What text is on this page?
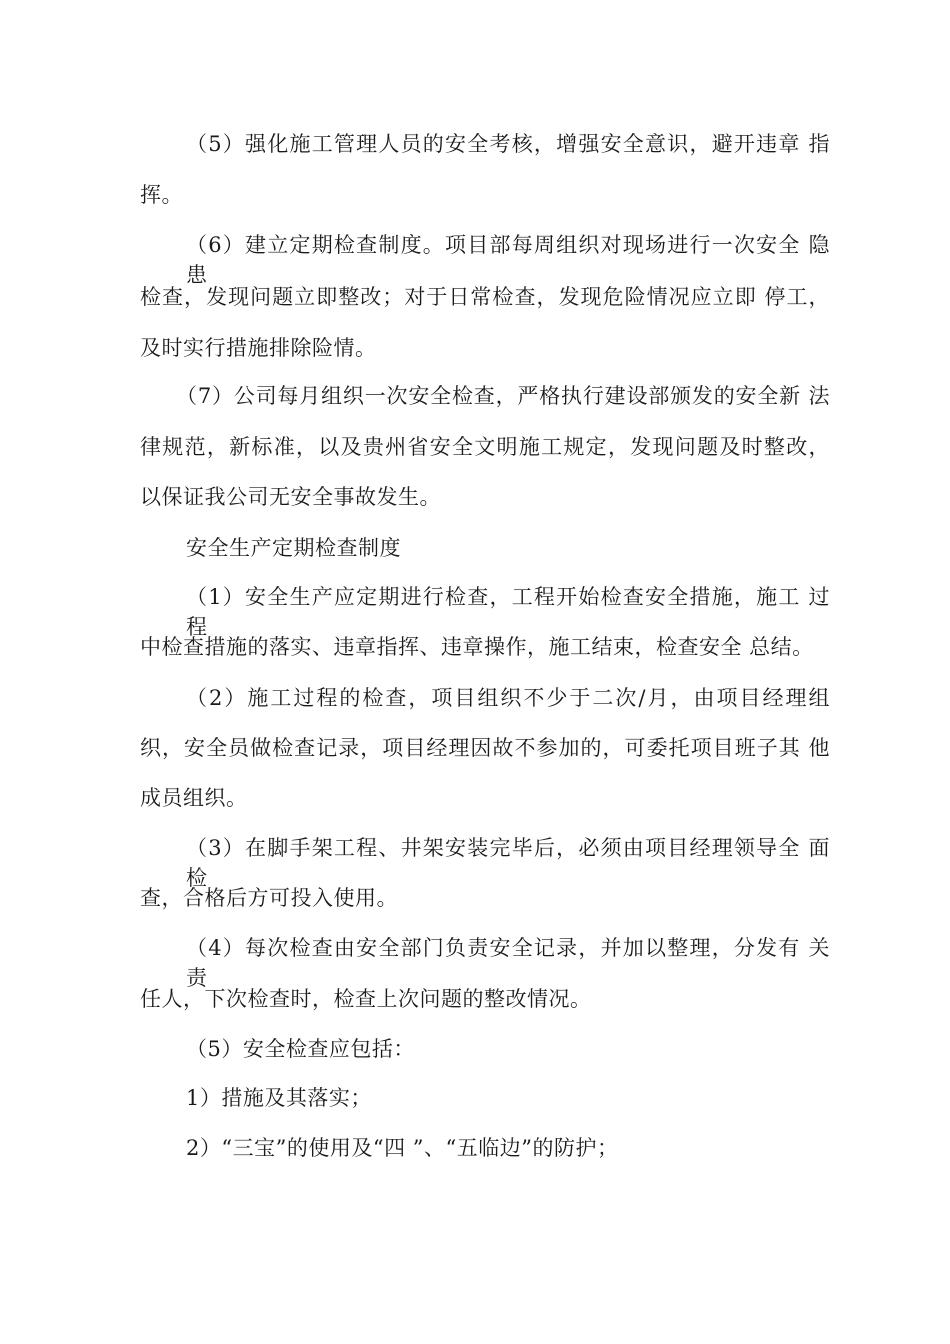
（5）强化施工管理人员的安全考核，增强安全意识，避开违章 指
挥。
（6）建立定期检查制度。项目部每周组织对现场进行一次安全 隐患
检查，发现问题立即整改；对于日常检查，发现危险情况应立即 停工，
及时实行措施排除险情。
（7）公司每月组织一次安全检查，严格执行建设部颁发的安全新 法
律规范，新标准，以及贵州省安全文明施工规定，发现问题及时整改，
以保证我公司无安全事故发生。
安全生产定期检查制度
（1）安全生产应定期进行检查，工程开始检查安全措施，施工 过程
中检查措施的落实、违章指挥、违章操作，施工结束，检查安全 总结。
（2）施工过程的检查，项目组织不少于二次/月，由项目经理组
织，安全员做检查记录，项目经理因故不参加的，可委托项目班子其 他
成员组织。
（3）在脚手架工程、井架安装完毕后，必须由项目经理领导全 面检
查，合格后方可投入使用。
（4）每次检查由安全部门负责安全记录，并加以整理，分发有 关责
任人，下次检查时，检查上次问题的整改情况。
（5）安全检查应包括：
1）措施及其落实；
2）“三宝”的使用及“四 ”、“五临边”的防护；
